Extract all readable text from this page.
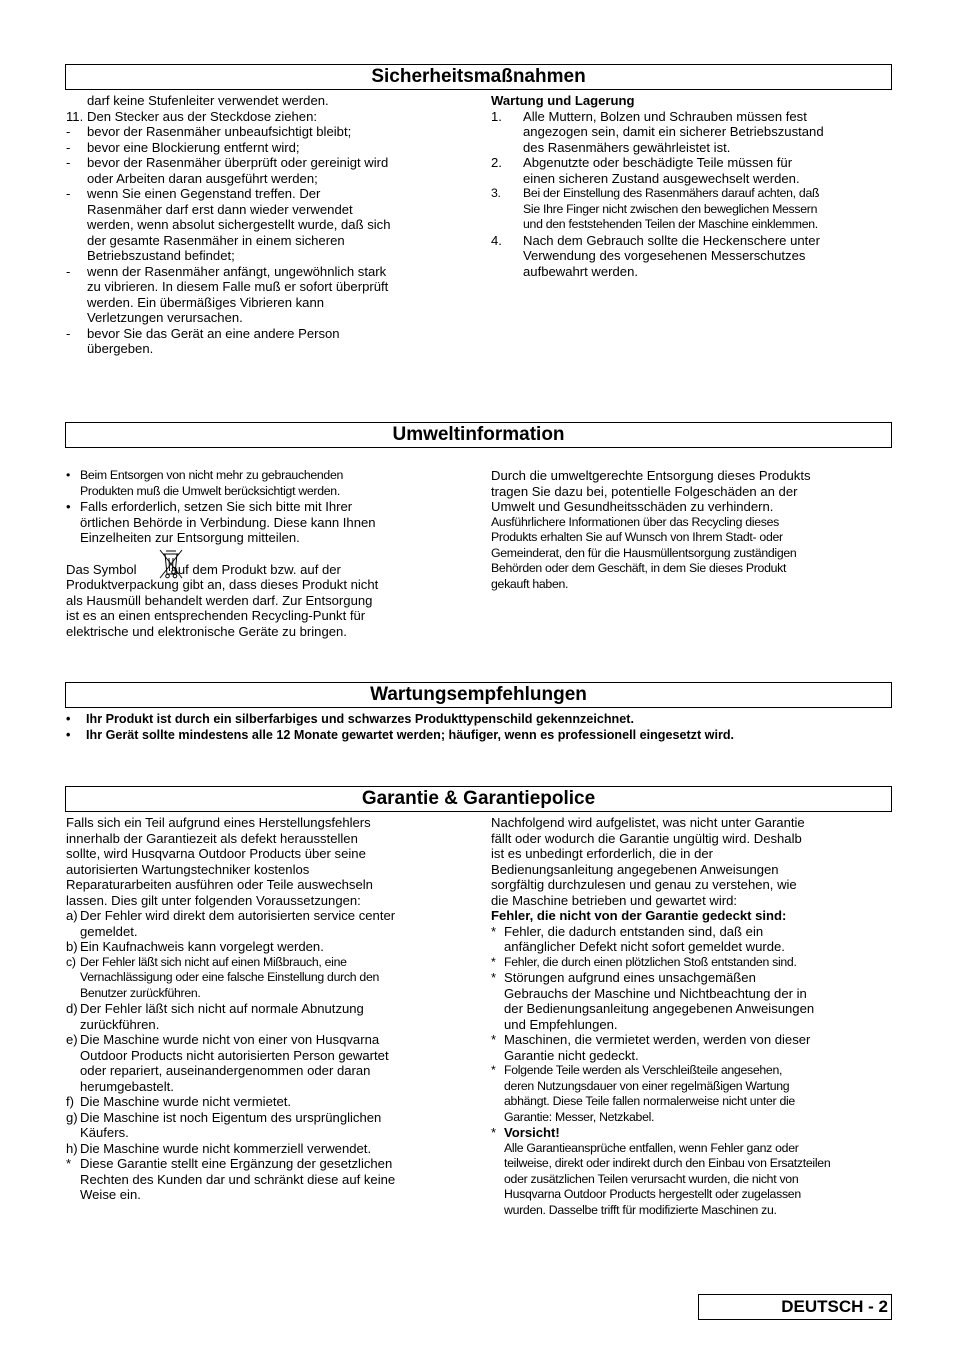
Sicherheitsmaßnahmen
darf keine Stufenleiter verwendet werden.
11. Den Stecker aus der Steckdose ziehen:
- bevor der Rasenmäher unbeaufsichtigt bleibt;
- bevor eine Blockierung entfernt wird;
- bevor der Rasenmäher überprüft oder gereinigt wird
oder Arbeiten daran ausgeführt werden;
- wenn Sie einen Gegenstand treffen. Der
Rasenmäher darf erst dann wieder verwendet
werden, wenn absolut sichergestellt wurde, daß sich
der gesamte Rasenmäher in einem sicheren
Betriebszustand befindet;
- wenn der Rasenmäher anfängt, ungewöhnlich stark
zu vibrieren. In diesem Falle muß er sofort überprüft
werden. Ein übermäßiges Vibrieren kann
Verletzungen verursachen.
- bevor Sie das Gerät an eine andere Person
übergeben.
Wartung und Lagerung
1. Alle Muttern, Bolzen und Schrauben müssen fest
angezogen sein, damit ein sicherer Betriebszustand
des Rasenmähers gewährleistet ist.
2. Abgenutzte oder beschädigte Teile müssen für
einen sicheren Zustand ausgewechselt werden.
3. Bei der Einstellung des Rasenmähers darauf achten, daß
Sie Ihre Finger nicht zwischen den beweglichen Messern
und den feststehenden Teilen der Maschine einklemmen.
4. Nach dem Gebrauch sollte die Heckenschere unter
Verwendung des vorgesehenen Messerschutzes
aufbewahrt werden.
Umweltinformation
• Beim Entsorgen von nicht mehr zu gebrauchenden
Produkten muß die Umwelt berücksichtigt werden.
• Falls erforderlich, setzen Sie sich bitte mit Ihrer
örtlichen Behörde in Verbindung. Diese kann Ihnen
Einzelheiten zur Entsorgung mitteilen.
Das Symbol	auf dem Produkt bzw. auf der
Produktverpackung gibt an, dass dieses Produkt nicht
als Hausmüll behandelt werden darf. Zur Entsorgung
ist es an einen entsprechenden Recycling-Punkt für
elektrische und elektronische Geräte zu bringen.
Durch die umweltgerechte Entsorgung dieses Produkts
tragen Sie dazu bei, potentielle Folgeschäden an der
Umwelt und Gesundheitsschäden zu verhindern.
Ausführlichere Informationen über das Recycling dieses
Produkts erhalten Sie auf Wunsch von Ihrem Stadt- oder
Gemeinderat, den für die Hausmüllentsorgung zuständigen
Behörden oder dem Geschäft, in dem Sie dieses Produkt
gekauft haben.
Wartungsempfehlungen
• Ihr Produkt ist durch ein silberfarbiges und schwarzes Produkttypenschild gekennzeichnet.
• Ihr Gerät sollte mindestens alle 12 Monate gewartet werden; häufiger, wenn es professionell eingesetzt wird.
Garantie & Garantiepolice
Falls sich ein Teil aufgrund eines Herstellungsfehlers
innerhalb der Garantiezeit als defekt herausstellen
sollte, wird Husqvarna Outdoor Products über seine
autorisierten Wartungstechniker kostenlos
Reparaturarbeiten ausführen oder Teile auswechseln
lassen. Dies gilt unter folgenden Voraussetzungen:
a) Der Fehler wird direkt dem autorisierten service center
gemeldet.
b) Ein Kaufnachweis kann vorgelegt werden.
c) Der Fehler läßt sich nicht auf einen Mißbrauch, eine
Vernachlässigung oder eine falsche Einstellung durch den
Benutzer zurückführen.
d) Der Fehler läßt sich nicht auf normale Abnutzung
zurückführen.
e) Die Maschine wurde nicht von einer von Husqvarna
Outdoor Products nicht autorisierten Person gewartet
oder repariert, auseinandergenommen oder daran
herumgebastelt.
f) Die Maschine wurde nicht vermietet.
g) Die Maschine ist noch Eigentum des ursprünglichen
Käufers.
h) Die Maschine wurde nicht kommerziell verwendet.
* Diese Garantie stellt eine Ergänzung der gesetzlichen
Rechten des Kunden dar und schränkt diese auf keine
Weise ein.
Nachfolgend wird aufgelistet, was nicht unter Garantie
fällt oder wodurch die Garantie ungültig wird. Deshalb
ist es unbedingt erforderlich, die in der
Bedienungsanleitung angegebenen Anweisungen
sorgfältig durchzulesen und genau zu verstehen, wie
die Maschine betrieben und gewartet wird:
Fehler, die nicht von der Garantie gedeckt sind:
* Fehler, die dadurch entstanden sind, daß ein
anfänglicher Defekt nicht sofort gemeldet wurde.
* Fehler, die durch einen plötzlichen Stoß entstanden sind.
* Störungen aufgrund eines unsachgemäßen
Gebrauchs der Maschine und Nichtbeachtung der in
der Bedienungsanleitung angegebenen Anweisungen
und Empfehlungen.
* Maschinen, die vermietet werden, werden von dieser
Garantie nicht gedeckt.
* Folgende Teile werden als Verschleißteile angesehen,
deren Nutzungsdauer von einer regelmäßigen Wartung
abhängt. Diese Teile fallen normalerweise nicht unter die
Garantie: Messer, Netzkabel.
* Vorsicht!
Alle Garantieansprüche entfallen, wenn Fehler ganz oder
teilweise, direkt oder indirekt durch den Einbau von Ersatzteilen
oder zusätzlichen Teilen verursacht wurden, die nicht von
Husqvarna Outdoor Products hergestellt oder zugelassen
wurden. Dasselbe trifft für modifizierte Maschinen zu.
DEUTSCH - 2
